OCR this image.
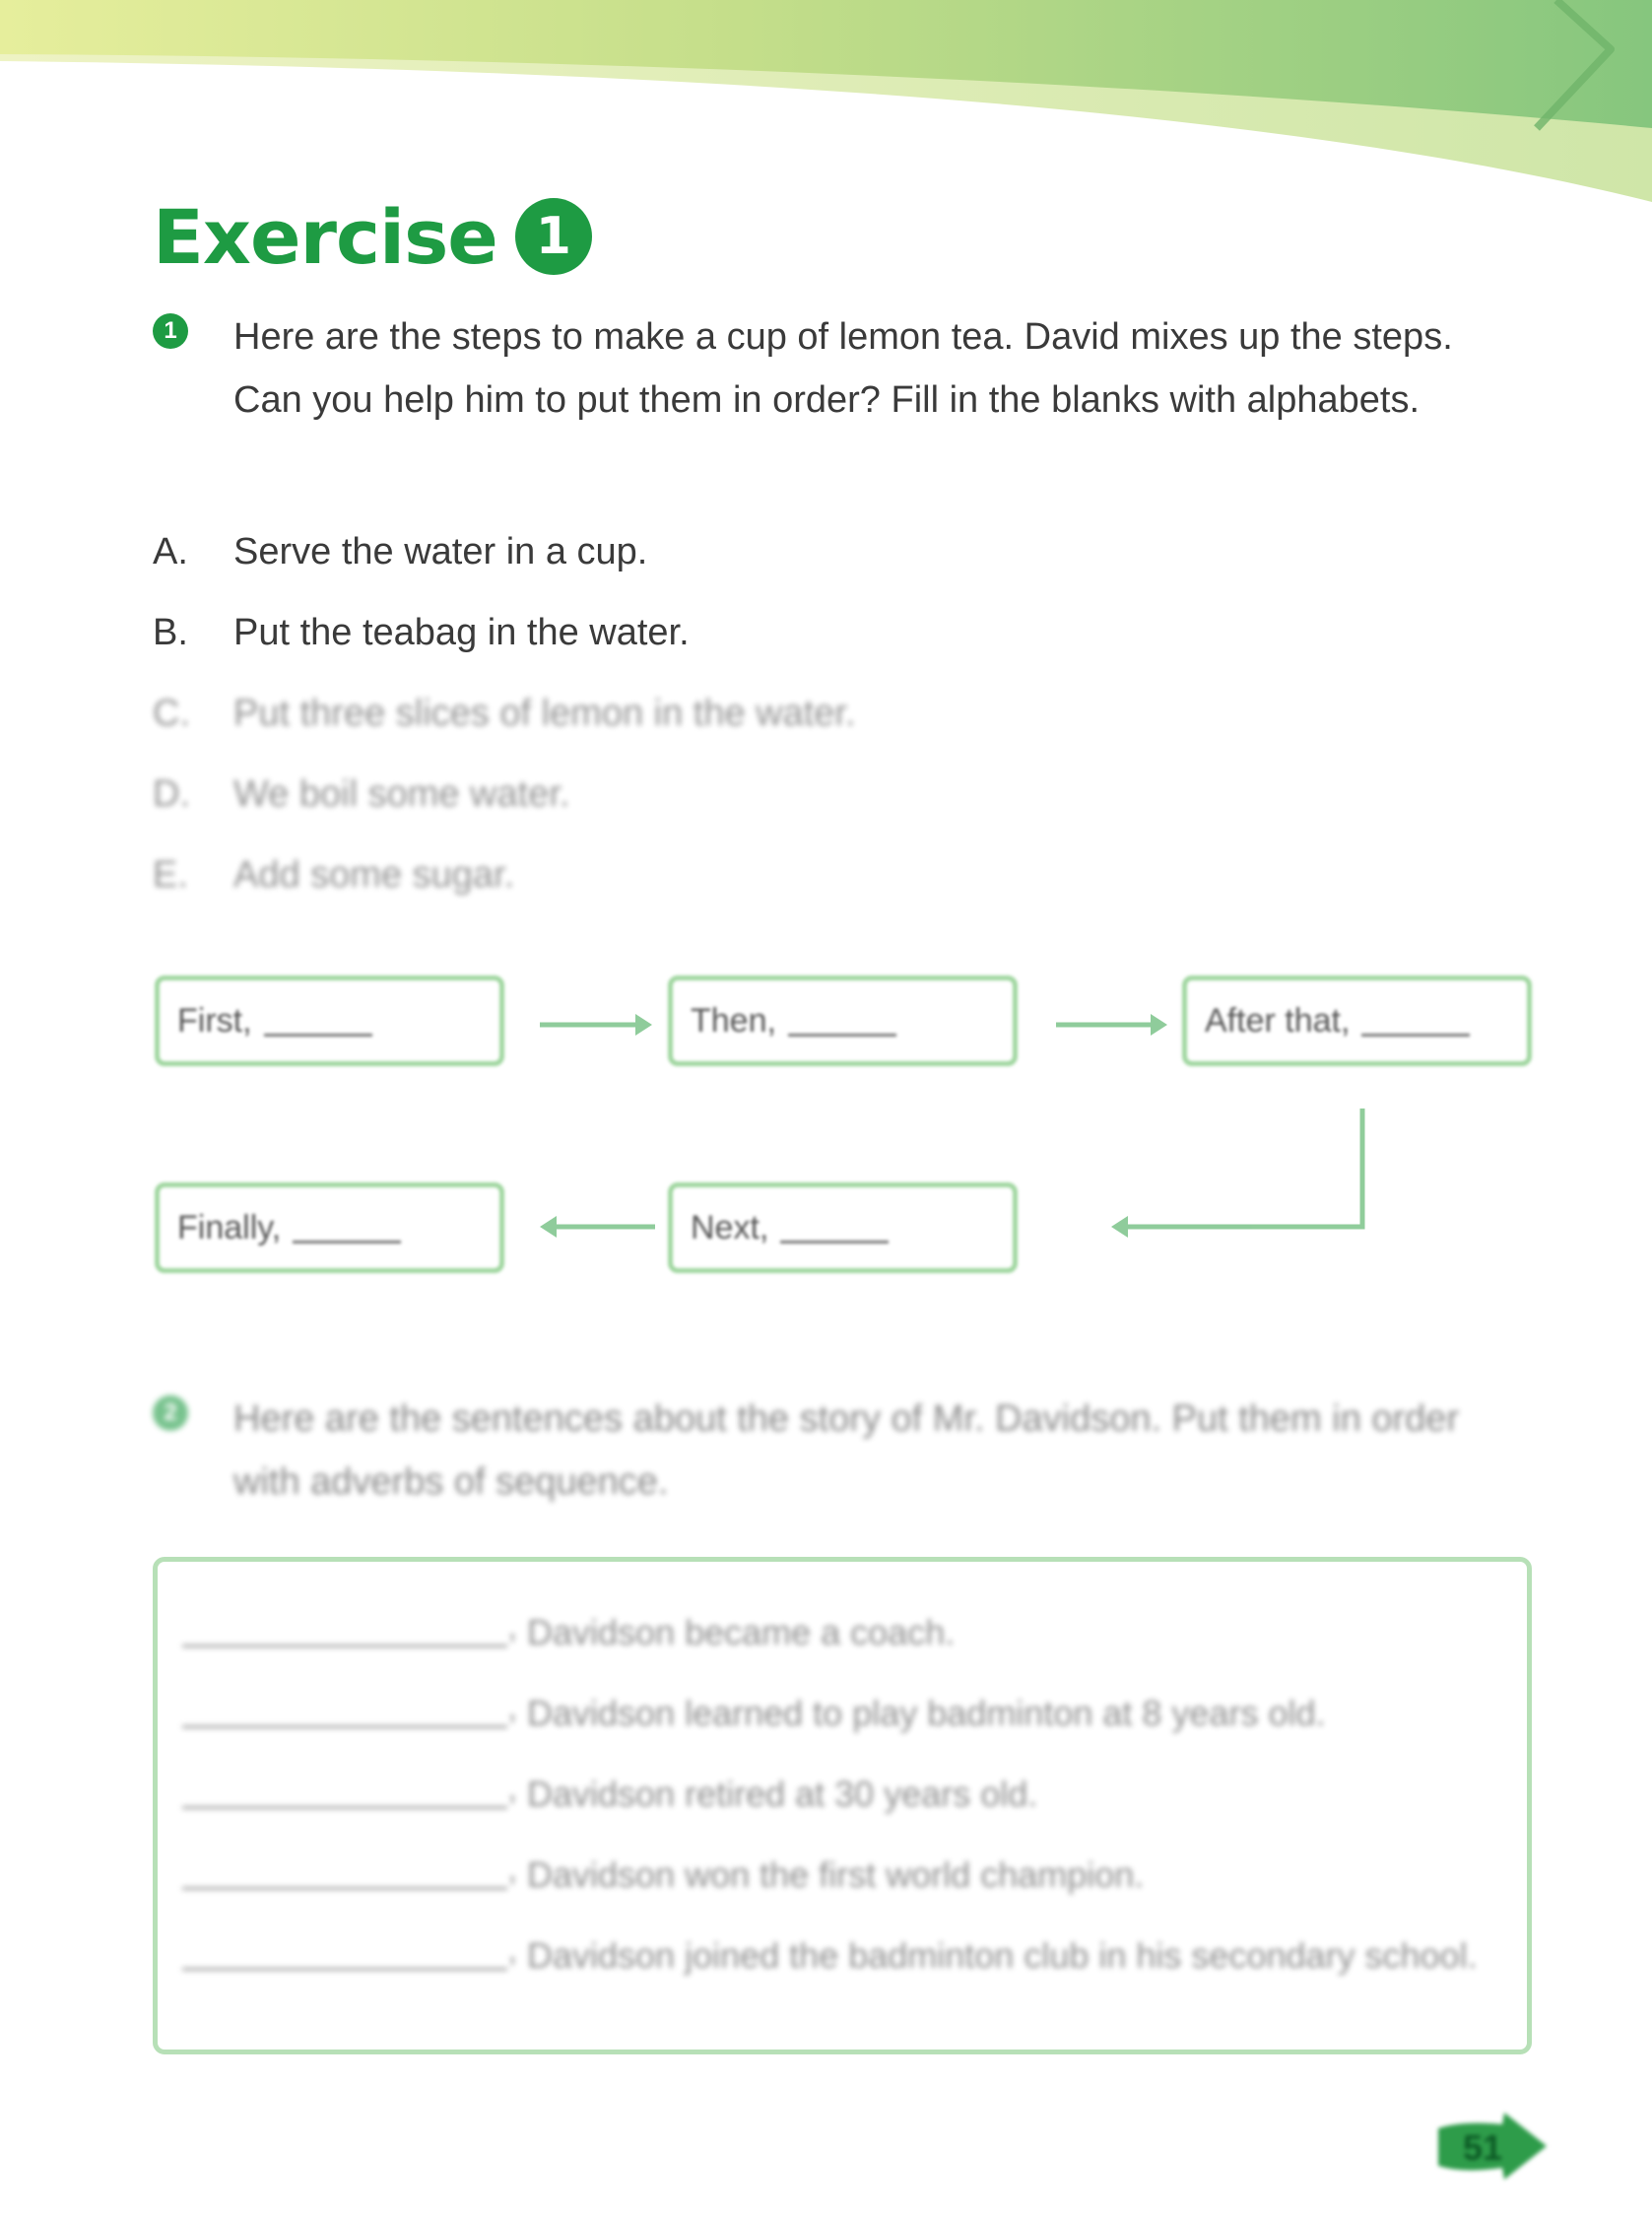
Exercise 1
1 Here are the steps to make a cup of lemon tea. David mixes up the steps. Can you help him to put them in order? Fill in the blanks with alphabets.
A.	Serve the water in a cup.
B.	Put the teabag in the water.
C.	Put three slices of lemon in the water.
D.	We boil some water.
E.	Add some sugar.
First,	Then,	After that,
Next,
Finally,
2 Here are the sentences about the story of Mr. Davidson. Put them in order with adverbs of sequence.
, Davidson became a coach.
, Davidson learned to play badminton at 8 years old.
, Davidson retired at 30 years old.
, Davidson won the first world champion.
, Davidson joined the badminton club in his secondary school.
51
